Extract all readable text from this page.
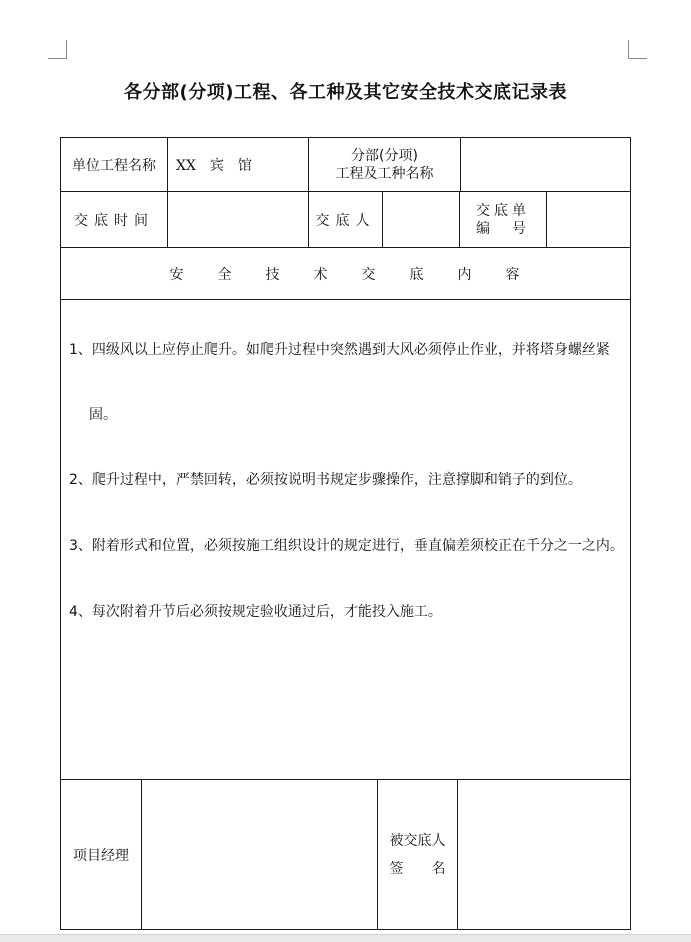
各分部(分项)工程、各工种及其它安全技术交底记录表
单位工程名称	XX　宾　馆
分部(分项)
工程及工种名称
交底时间	交底人
交底单
编　号
安　　全　　技　　术　　交　　底　　内　　容
1、四级风以上应停止爬升。如爬升过程中突然遇到大风必须停止作业，并将塔身螺丝紧
固。
2、爬升过程中，严禁回转，必须按说明书规定步骤操作，注意撑脚和销子的到位。
3、附着形式和位置，必须按施工组织设计的规定进行，垂直偏差须校正在千分之一之内。
4、每次附着升节后必须按规定验收通过后，才能投入施工。
项目经理
被交底人
签　　名
